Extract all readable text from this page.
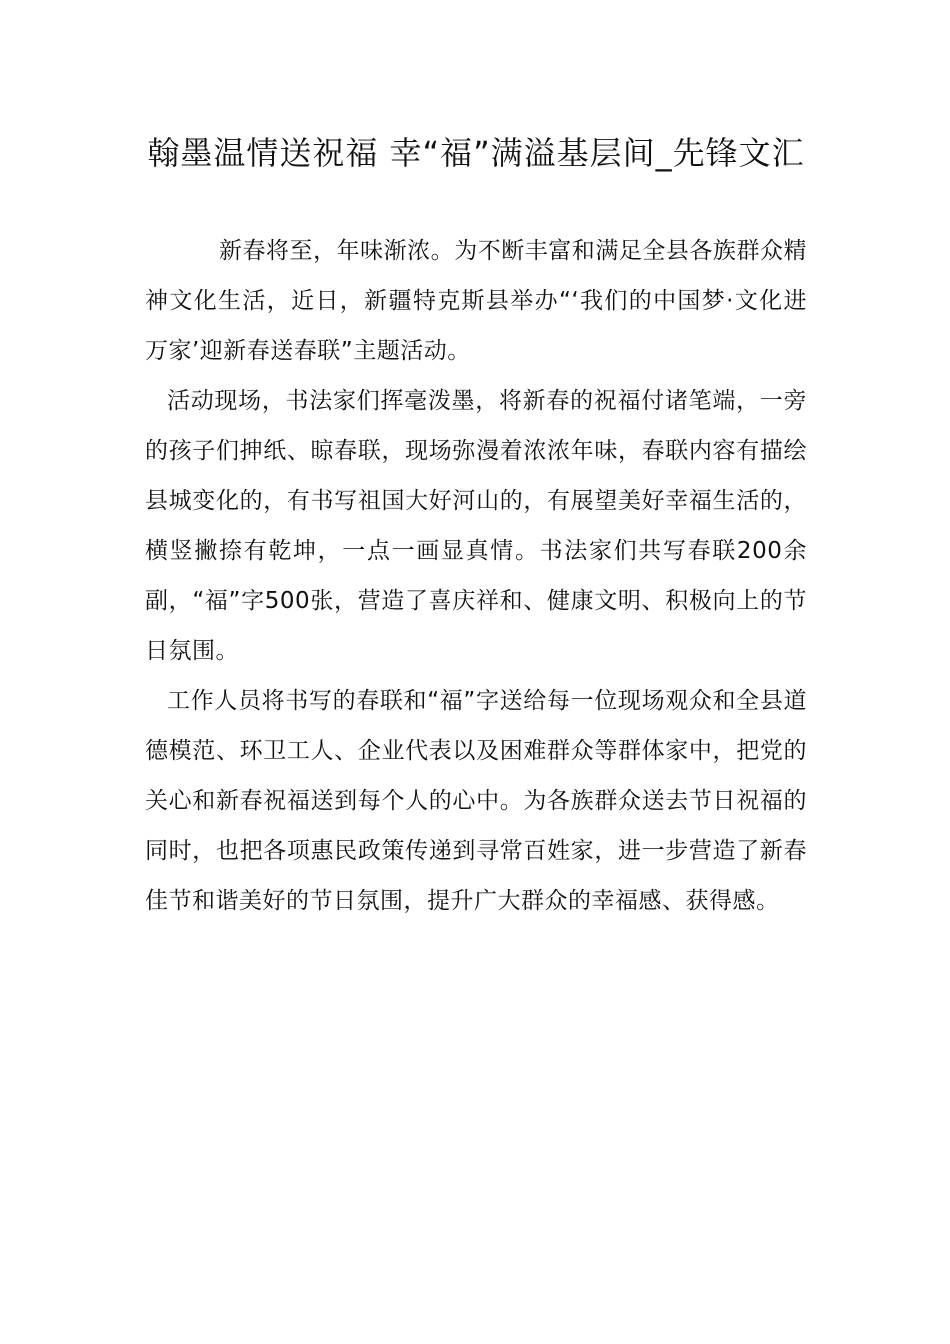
翰墨温情送祝福 幸“福”满溢基层间_先锋文汇

新春将至，年味渐浓。为不断丰富和满足全县各族群众精神文化生活，近日，新疆特克斯县举办“‘我们的中国梦·文化进万家’迎新春送春联”主题活动。

活动现场，书法家们挥毫泼墨，将新春的祝福付诸笔端，一旁的孩子们抻纸、晾春联，现场弥漫着浓浓年味，春联内容有描绘县城变化的，有书写祖国大好河山的，有展望美好幸福生活的，横竖撇捺有乾坤，一点一画显真情。书法家们共写春联200余副，“福”字500张，营造了喜庆祥和、健康文明、积极向上的节日氛围。

工作人员将书写的春联和“福”字送给每一位现场观众和全县道德模范、环卫工人、企业代表以及困难群众等群体家中，把党的关心和新春祝福送到每个人的心中。为各族群众送去节日祝福的同时，也把各项惠民政策传递到寻常百姓家，进一步营造了新春佳节和谐美好的节日氛围，提升广大群众的幸福感、获得感。
